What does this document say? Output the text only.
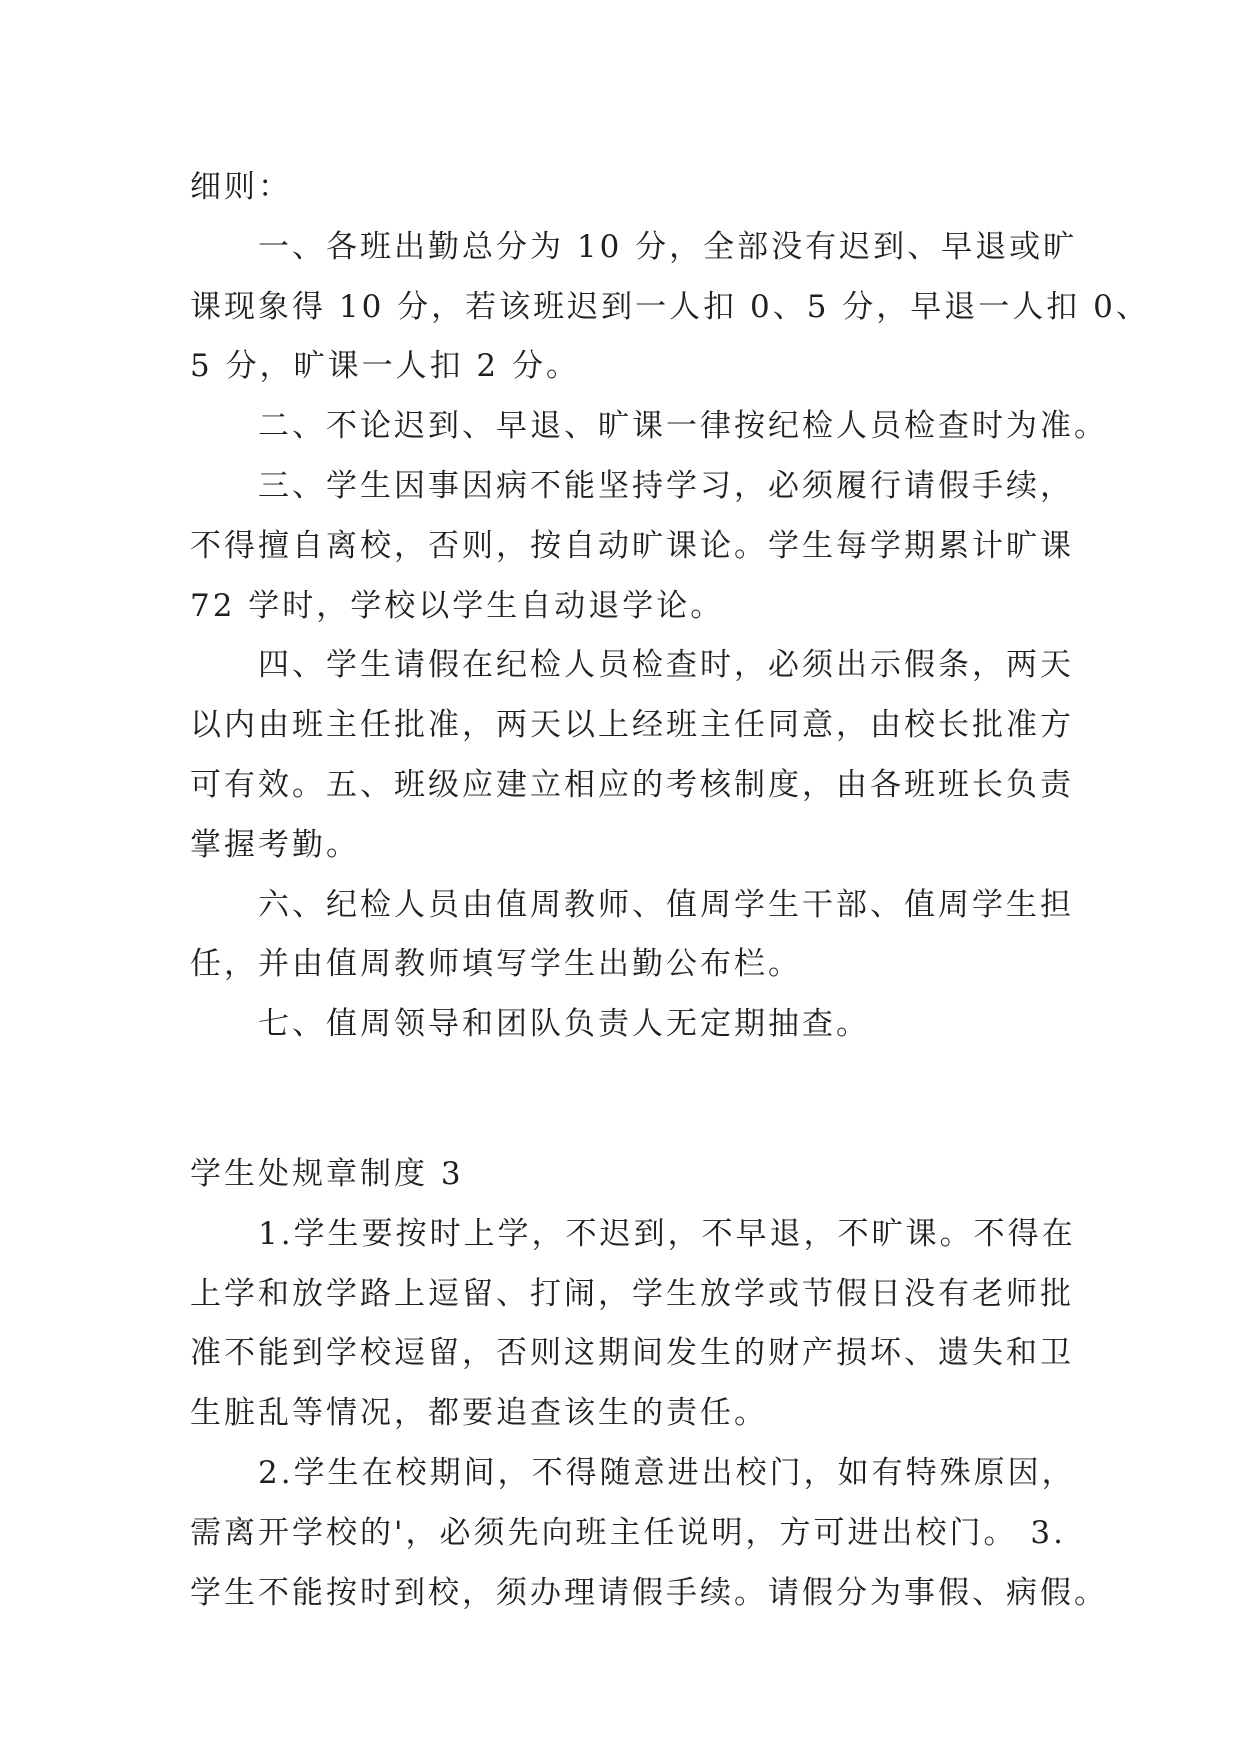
细则：
　　一、各班出勤总分为 10 分，全部没有迟到、早退或旷
课现象得 10 分，若该班迟到一人扣 0、5 分，早退一人扣 0、
5 分，旷课一人扣 2 分。
　　二、不论迟到、早退、旷课一律按纪检人员检查时为准。
　　三、学生因事因病不能坚持学习，必须履行请假手续，
不得擅自离校，否则，按自动旷课论。学生每学期累计旷课
72 学时，学校以学生自动退学论。
　　四、学生请假在纪检人员检查时，必须出示假条，两天
以内由班主任批准，两天以上经班主任同意，由校长批准方
可有效。五、班级应建立相应的考核制度，由各班班长负责
掌握考勤。
　　六、纪检人员由值周教师、值周学生干部、值周学生担
任，并由值周教师填写学生出勤公布栏。
　　七、值周领导和团队负责人无定期抽查。
学生处规章制度 3
　　1.学生要按时上学，不迟到，不早退，不旷课。不得在
上学和放学路上逗留、打闹，学生放学或节假日没有老师批
准不能到学校逗留，否则这期间发生的财产损坏、遗失和卫
生脏乱等情况，都要追查该生的责任。
　　2.学生在校期间，不得随意进出校门，如有特殊原因，
需离开学校的'，必须先向班主任说明，方可进出校门。 3.
学生不能按时到校，须办理请假手续。请假分为事假、病假。
